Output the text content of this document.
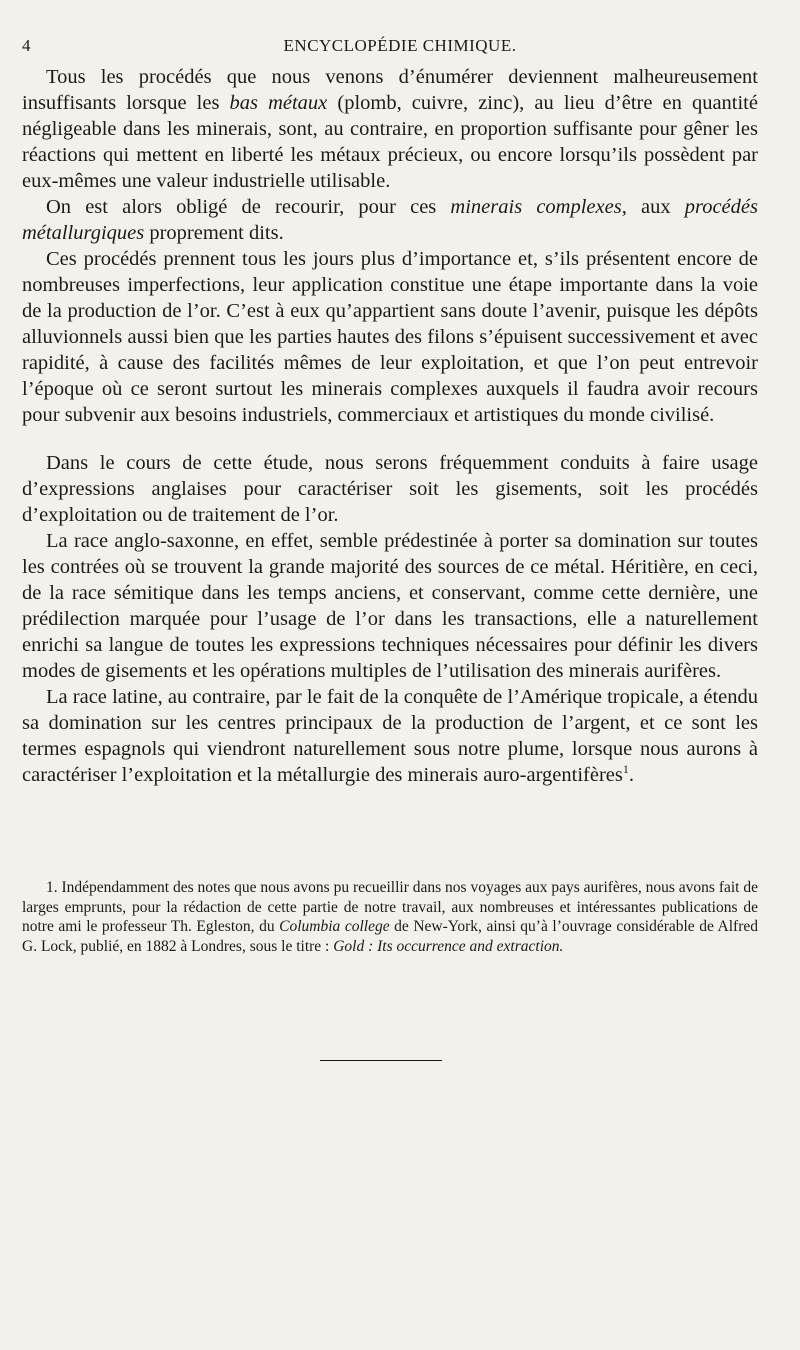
4	ENCYCLOPÉDIE CHIMIQUE.

Tous les procédés que nous venons d’énumérer deviennent malheureusement insuffisants lorsque les bas métaux (plomb, cuivre, zinc), au lieu d’être en quantité négligeable dans les minerais, sont, au contraire, en proportion suffisante pour gêner les réactions qui mettent en liberté les métaux précieux, ou encore lorsqu’ils possèdent par eux-mêmes une valeur industrielle utilisable.

On est alors obligé de recourir, pour ces minerais complexes, aux procédés métallurgiques proprement dits.

Ces procédés prennent tous les jours plus d’importance et, s’ils présentent encore de nombreuses imperfections, leur application constitue une étape importante dans la voie de la production de l’or. C’est à eux qu’appartient sans doute l’avenir, puisque les dépôts alluvionnels aussi bien que les parties hautes des filons s’épuisent successivement et avec rapidité, à cause des facilités mêmes de leur exploitation, et que l’on peut entrevoir l’époque où ce seront surtout les minerais complexes auxquels il faudra avoir recours pour subvenir aux besoins industriels, commerciaux et artistiques du monde civilisé.

Dans le cours de cette étude, nous serons fréquemment conduits à faire usage d’expressions anglaises pour caractériser soit les gisements, soit les procédés d’exploitation ou de traitement de l’or.

La race anglo-saxonne, en effet, semble prédestinée à porter sa domination sur toutes les contrées où se trouvent la grande majorité des sources de ce métal. Héritière, en ceci, de la race sémitique dans les temps anciens, et conservant, comme cette dernière, une prédilection marquée pour l’usage de l’or dans les transactions, elle a naturellement enrichi sa langue de toutes les expressions techniques nécessaires pour définir les divers modes de gisements et les opérations multiples de l’utilisation des minerais aurifères.

La race latine, au contraire, par le fait de la conquête de l’Amérique tropicale, a étendu sa domination sur les centres principaux de la production de l’argent, et ce sont les termes espagnols qui viendront naturellement sous notre plume, lorsque nous aurons à caractériser l’exploitation et la métallurgie des minerais auro-argentifères$^1$.

1. Indépendamment des notes que nous avons pu recueillir dans nos voyages aux pays aurifères, nous avons fait de larges emprunts, pour la rédaction de cette partie de notre travail, aux nombreuses et intéressantes publications de notre ami le professeur Th. Egleston, du Columbia college de New-York, ainsi qu’à l’ouvrage considérable de Alfred G. Lock, publié, en 1882 à Londres, sous le titre : Gold : Its occurrence and extraction.
